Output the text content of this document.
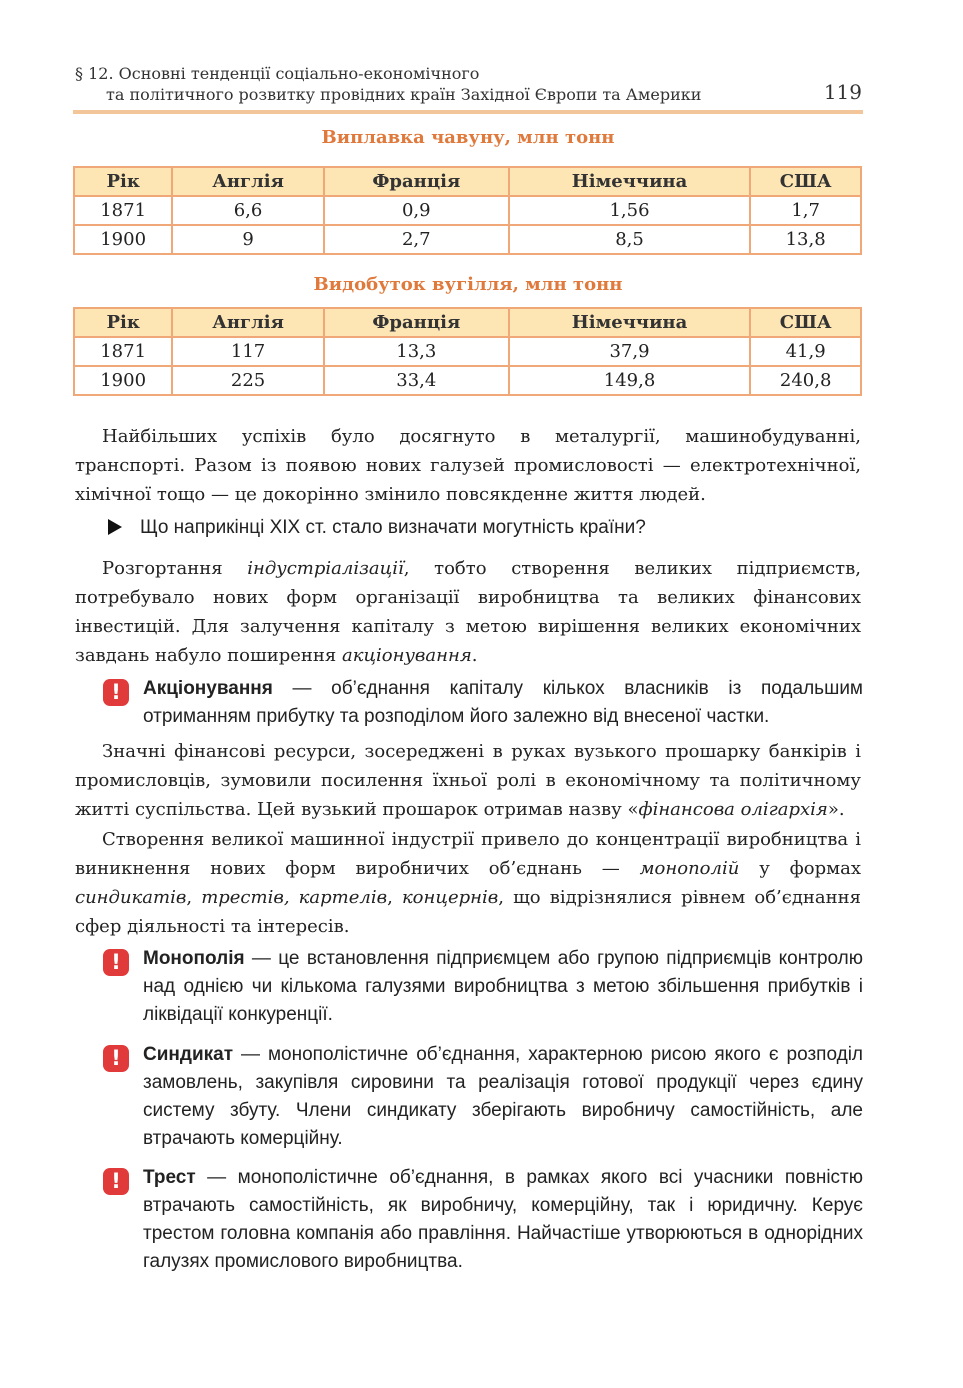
§ 12. Основні тенденції соціально-економічного
та політичного розвитку провідних країн Західної Європи та Америки	119
Виплавка чавуну, млн тонн
Рік	Англія	Франція	Німеччина	США
1871	6,6	0,9	1,56	1,7
1900	9	2,7	8,5	13,8
Видобуток вугілля, млн тонн
Рік	Англія	Франція	Німеччина	США
1871	117	13,3	37,9	41,9
1900	225	33,4	149,8	240,8
Найбільших успіхів було досягнуто в металургії, машинобудуванні, транспорті. Разом із появою нових галузей промисловості — електротехнічної, хімічної тощо — це докорінно змінило повсякденне життя людей.
Що наприкінці XIX ст. стало визначати могутність країни?
Розгортання індустріалізації, тобто створення великих підприємств, потребувало нових форм організації виробництва та великих фінансових інвестицій. Для залучення капіталу з метою вирішення великих економічних завдань набуло поширення акціонування.
!	Акціонування — об’єднання капіталу кількох власників із подальшим отриманням прибутку та розподілом його залежно від внесеної частки.
Значні фінансові ресурси, зосереджені в руках вузького прошарку банкірів і промисловців, зумовили посилення їхньої ролі в економічному та політичному житті суспільства. Цей вузький прошарок отримав назву «фінансова олігархія».
Створення великої машинної індустрії привело до концентрації виробництва і виникнення нових форм виробничих об’єднань — монополій у формах синдикатів, трестів, картелів, концернів, що відрізнялися рівнем об’єднання сфер діяльності та інтересів.
!	Монополія — це встановлення підприємцем або групою підприємців контролю над однією чи кількома галузями виробництва з метою збільшення прибутків і ліквідації конкуренції.
!	Синдикат — монополістичне об’єднання, характерною рисою якого є розподіл замовлень, закупівля сировини та реалізація готової продукції через єдину систему збуту. Члени синдикату зберігають виробничу самостійність, але втрачають комерційну.
!	Трест — монополістичне об’єднання, в рамках якого всі учасники повністю втрачають самостійність, як виробничу, комерційну, так і юридичну. Керує трестом головна компанія або правління. Найчастіше утворюються в однорідних галузях промислового виробництва.
